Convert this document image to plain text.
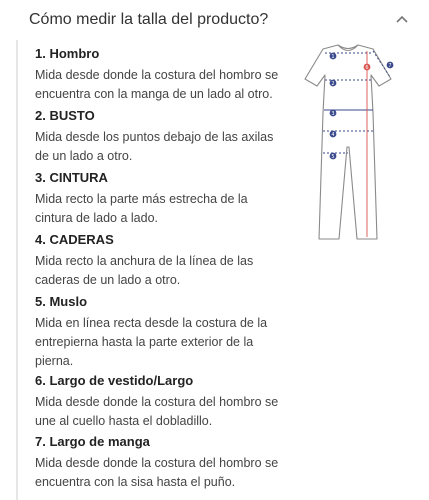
Cómo medir la talla del producto?
1. Hombro
Mida desde donde la costura del hombro se encuentra con la manga de un lado al otro.
2. BUSTO
Mida desde los puntos debajo de las axilas de un lado a otro.
3. CINTURA
Mida recto la parte más estrecha de la cintura de lado a lado.
4. CADERAS
Mida recto la anchura de la línea de las caderas de un lado a otro.
5. Muslo
Mida en línea recta desde la costura de la entrepierna hasta la parte exterior de la pierna.
6. Largo de vestido/Largo
Mida desde donde la costura del hombro se une al cuello hasta el dobladillo.
7. Largo de manga
Mida desde donde la costura del hombro se encuentra con la sisa hasta el puño.
1
2
3
4
5
6	7
